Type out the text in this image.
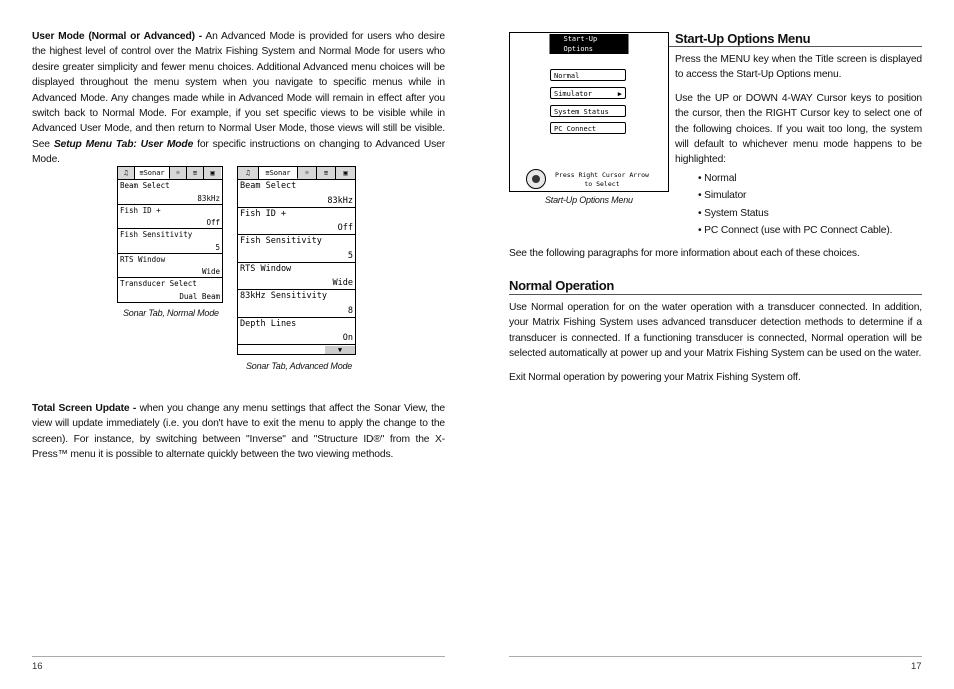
User Mode (Normal or Advanced) - An Advanced Mode is provided for users who desire the highest level of control over the Matrix Fishing System and Normal Mode for users who desire greater simplicity and fewer menu choices. Additional Advanced menu choices will be displayed throughout the menu system when you navigate to specific menus while in Advanced Mode. Any changes made while in Advanced Mode will remain in effect after you switch back to Normal Mode. For example, if you set specific views to be visible while in Advanced User Mode, and then return to Normal User Mode, those views will still be visible. See Setup Menu Tab: User Mode for specific instructions on changing to Advanced User Mode.

♫	≡Sonar	☼	≡	▣
Beam Select
83kHz
Fish ID +
Off
Fish Sensitivity
5
RTS Window
Wide
Transducer Select
Dual Beam
Sonar Tab, Normal Mode
♫	≡Sonar	☼	≡	▣
Beam Select
83kHz
Fish ID +
Off
Fish Sensitivity
5
RTS Window
Wide
83kHz Sensitivity
8
Depth Lines
On
▼
Sonar Tab, Advanced Mode

Total Screen Update - when you change any menu settings that affect the Sonar View, the view will update immediately (i.e. you don't have to exit the menu to apply the change to the screen). For instance, by switching between "Inverse" and "Structure ID®" from the X-Press™ menu it is possible to alternate quickly between the two viewing methods.

16
Start-Up Options
Normal
Simulator	▶
System Status
PC Connect
Press Right Cursor Arrow
to Select
Start-Up Options Menu
Start-Up Options Menu

Press the MENU key when the Title screen is displayed to access the Start-Up Options menu.

Use the UP or DOWN 4-WAY Cursor keys to position the cursor, then the RIGHT Cursor key to select one of the following choices. If you wait too long, the system will default to whichever menu mode happens to be highlighted:

• Normal
• Simulator
• System Status
• PC Connect (use with PC Connect Cable).

See the following paragraphs for more information about each of these choices.

Normal Operation

Use Normal operation for on the water operation with a transducer connected. In addition, your Matrix Fishing System uses advanced transducer detection methods to determine if a transducer is connected. If a functioning transducer is connected, Normal operation will be selected automatically at power up and your Matrix Fishing System can be used on the water.

Exit Normal operation by powering your Matrix Fishing System off.

17
